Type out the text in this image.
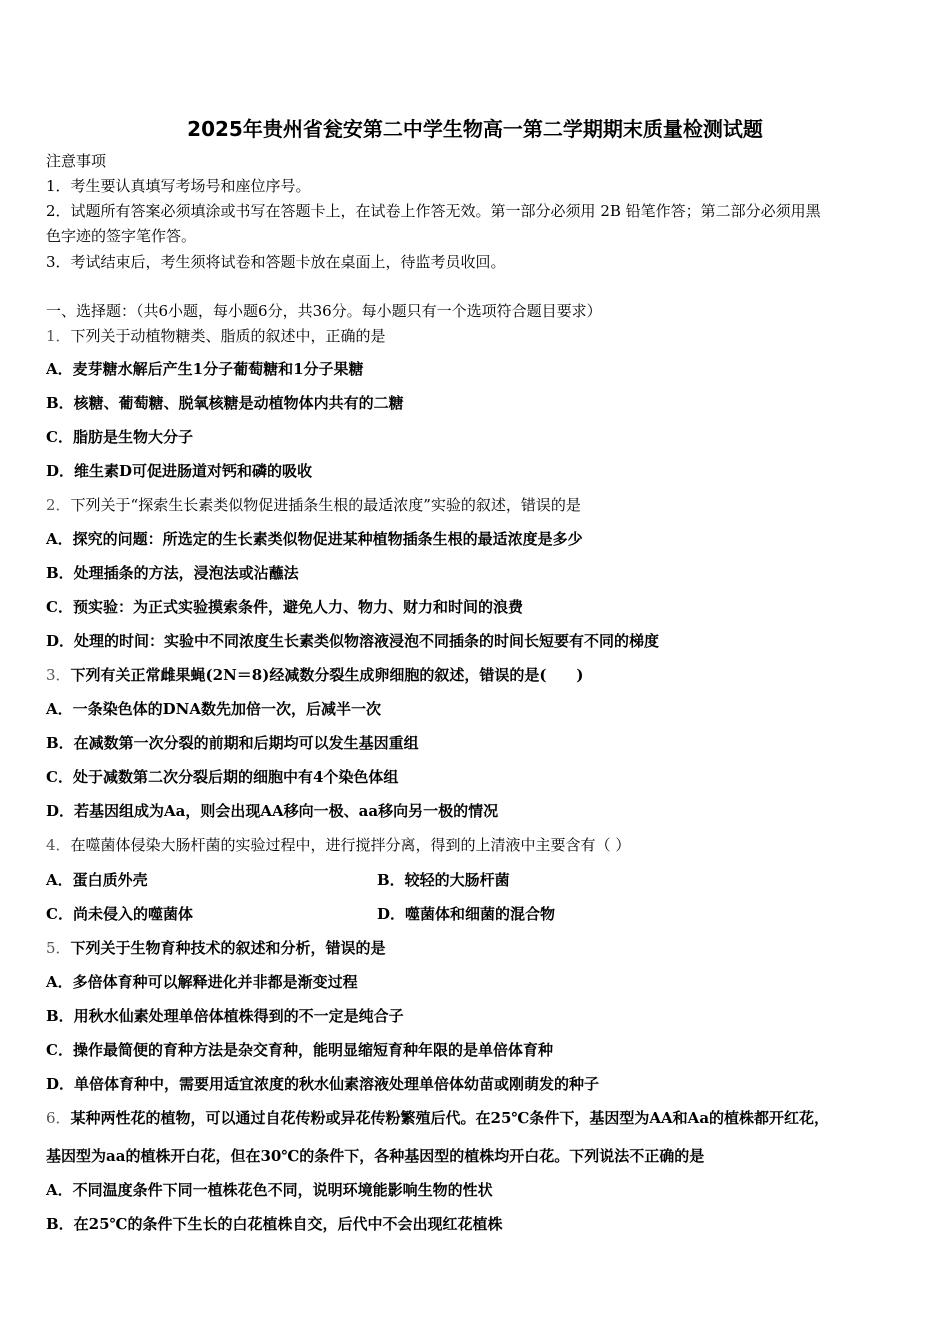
2025年贵州省瓮安第二中学生物高一第二学期期末质量检测试题
注意事项
1．考生要认真填写考场号和座位序号。
2．试题所有答案必须填涂或书写在答题卡上，在试卷上作答无效。第一部分必须用 2B 铅笔作答；第二部分必须用黑
色字迹的签字笔作答。
3．考试结束后，考生须将试卷和答题卡放在桌面上，待监考员收回。
一、选择题：（共6小题，每小题6分，共36分。每小题只有一个选项符合题目要求）
1．下列关于动植物糖类、脂质的叙述中，正确的是
A．麦芽糖水解后产生1分子葡萄糖和1分子果糖
B．核糖、葡萄糖、脱氧核糖是动植物体内共有的二糖
C．脂肪是生物大分子
D．维生素D可促进肠道对钙和磷的吸收
2．下列关于“探索生长素类似物促进插条生根的最适浓度”实验的叙述，错误的是
A．探究的问题：所选定的生长素类似物促进某种植物插条生根的最适浓度是多少
B．处理插条的方法，浸泡法或沾蘸法
C．预实验：为正式实验摸索条件，避免人力、物力、财力和时间的浪费
D．处理的时间：实验中不同浓度生长素类似物溶液浸泡不同插条的时间长短要有不同的梯度
3．下列有关正常雌果蝇(2N＝8)经减数分裂生成卵细胞的叙述，错误的是(　　)
A．一条染色体的DNA数先加倍一次，后减半一次
B．在减数第一次分裂的前期和后期均可以发生基因重组
C．处于减数第二次分裂后期的细胞中有4个染色体组
D．若基因组成为Aa，则会出现AA移向一极、aa移向另一极的情况
4．在噬菌体侵染大肠杆菌的实验过程中，进行搅拌分离，得到的上清液中主要含有（ ）
A．蛋白质外壳	B．较轻的大肠杆菌
C．尚未侵入的噬菌体	D．噬菌体和细菌的混合物
5．下列关于生物育种技术的叙述和分析，错误的是
A．多倍体育种可以解释进化并非都是渐变过程
B．用秋水仙素处理单倍体植株得到的不一定是纯合子
C．操作最简便的育种方法是杂交育种，能明显缩短育种年限的是单倍体育种
D．单倍体育种中，需要用适宜浓度的秋水仙素溶液处理单倍体幼苗或刚萌发的种子
6．某种两性花的植物，可以通过自花传粉或异花传粉繁殖后代。在25℃条件下，基因型为AA和Aa的植株都开红花，
基因型为aa的植株开白花，但在30℃的条件下，各种基因型的植株均开白花。下列说法不正确的是
A．不同温度条件下同一植株花色不同，说明环境能影响生物的性状
B．在25℃的条件下生长的白花植株自交，后代中不会出现红花植株
